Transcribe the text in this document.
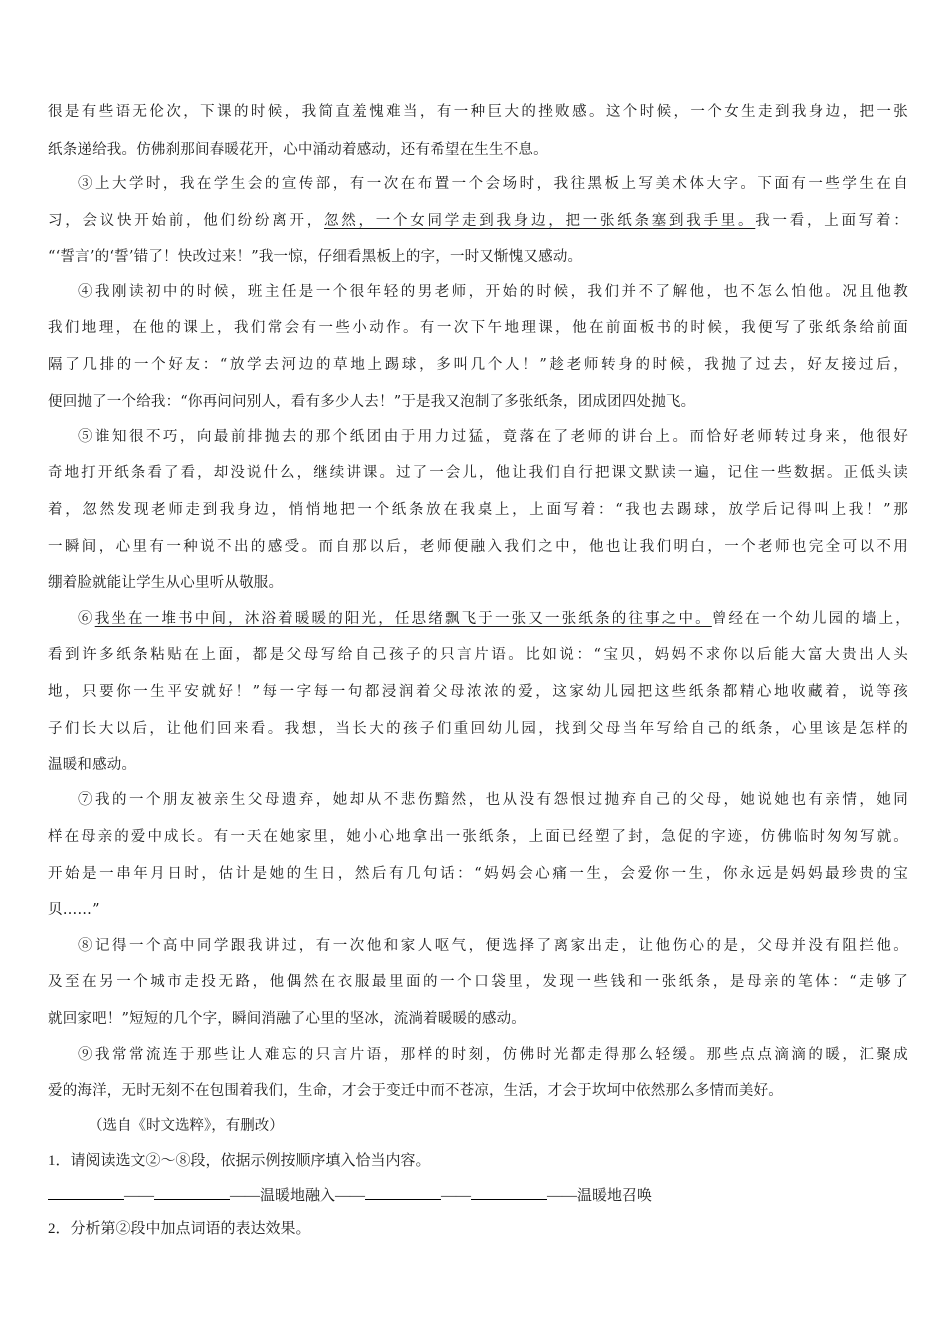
很是有些语无伦次，下课的时候，我简直羞愧难当，有一种巨大的挫败感。这个时候，一个女生走到我身边，把一张
纸条递给我。仿佛刹那间春暖花开，心中涌动着感动，还有希望在生生不息。
③上大学时，我在学生会的宣传部，有一次在布置一个会场时，我往黑板上写美术体大字。下面有一些学生在自
习，会议快开始前，他们纷纷离开，忽然，一个女同学走到我身边，把一张纸条塞到我手里。我一看，上面写着：
“‘誓言’的‘誓’错了！快改过来！”我一惊，仔细看黑板上的字，一时又惭愧又感动。
④我刚读初中的时候，班主任是一个很年轻的男老师，开始的时候，我们并不了解他，也不怎么怕他。况且他教
我们地理，在他的课上，我们常会有一些小动作。有一次下午地理课，他在前面板书的时候，我便写了张纸条给前面
隔了几排的一个好友：“放学去河边的草地上踢球，多叫几个人！”趁老师转身的时候，我抛了过去，好友接过后，
便回抛了一个给我：“你再问问别人，看有多少人去！”于是我又泡制了多张纸条，团成团四处抛飞。
⑤谁知很不巧，向最前排抛去的那个纸团由于用力过猛，竟落在了老师的讲台上。而恰好老师转过身来，他很好
奇地打开纸条看了看，却没说什么，继续讲课。过了一会儿，他让我们自行把课文默读一遍，记住一些数据。正低头读
着，忽然发现老师走到我身边，悄悄地把一个纸条放在我桌上，上面写着：“我也去踢球，放学后记得叫上我！”那
一瞬间，心里有一种说不出的感受。而自那以后，老师便融入我们之中，他也让我们明白，一个老师也完全可以不用
绷着脸就能让学生从心里听从敬服。
⑥我坐在一堆书中间，沐浴着暖暖的阳光，任思绪飘飞于一张又一张纸条的往事之中。曾经在一个幼儿园的墙上，
看到许多纸条粘贴在上面，都是父母写给自己孩子的只言片语。比如说：“宝贝，妈妈不求你以后能大富大贵出人头
地，只要你一生平安就好！”每一字每一句都浸润着父母浓浓的爱，这家幼儿园把这些纸条都精心地收藏着，说等孩
子们长大以后，让他们回来看。我想，当长大的孩子们重回幼儿园，找到父母当年写给自己的纸条，心里该是怎样的
温暖和感动。
⑦我的一个朋友被亲生父母遗弃，她却从不悲伤黯然，也从没有怨恨过抛弃自己的父母，她说她也有亲情，她同
样在母亲的爱中成长。有一天在她家里，她小心地拿出一张纸条，上面已经塑了封，急促的字迹，仿佛临时匆匆写就。
开始是一串年月日时，估计是她的生日，然后有几句话：“妈妈会心痛一生，会爱你一生，你永远是妈妈最珍贵的宝
贝……”
⑧记得一个高中同学跟我讲过，有一次他和家人呕气，便选择了离家出走，让他伤心的是，父母并没有阻拦他。
及至在另一个城市走投无路，他偶然在衣服最里面的一个口袋里，发现一些钱和一张纸条，是母亲的笔体：“走够了
就回家吧！”短短的几个字，瞬间消融了心里的坚冰，流淌着暖暖的感动。
⑨我常常流连于那些让人难忘的只言片语，那样的时刻，仿佛时光都走得那么轻缓。那些点点滴滴的暖，汇聚成
爱的海洋，无时无刻不在包围着我们，生命，才会于变迁中而不苍凉，生活，才会于坎坷中依然那么多情而美好。
（选自《时文选粹》，有删改）
1．请阅读选文②～⑧段，依据示例按顺序填入恰当内容。
——	——温暖地融入——	——	——温暖地召唤
2．分析第②段中加点词语的表达效果。
